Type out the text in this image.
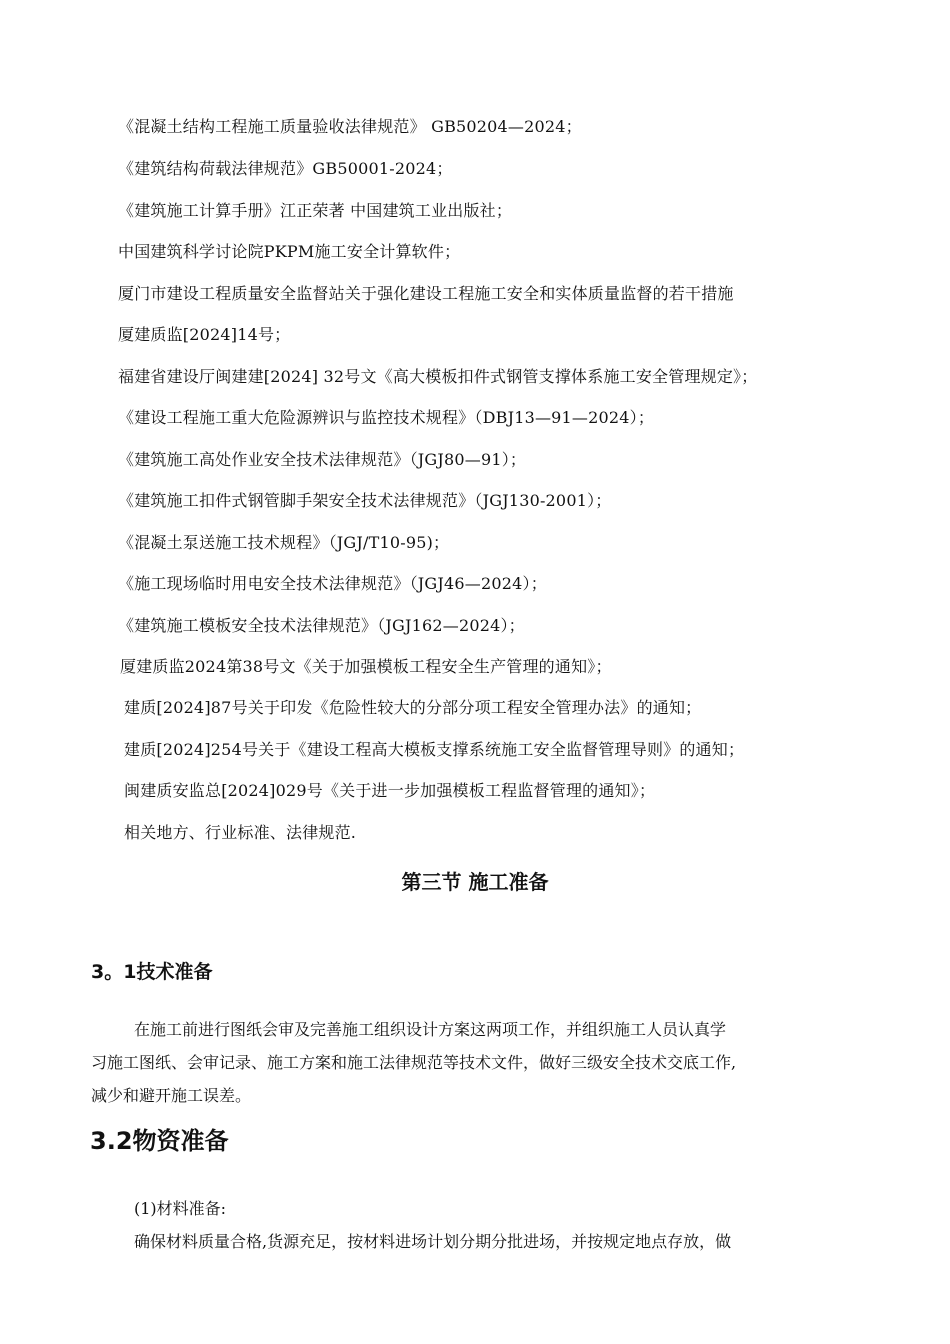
《混凝土结构工程施工质量验收法律规范》 GB50204—2024；
《建筑结构荷载法律规范》GB50001-2024；
《建筑施工计算手册》江正荣著 中国建筑工业出版社；
中国建筑科学讨论院PKPM施工安全计算软件；
厦门市建设工程质量安全监督站关于强化建设工程施工安全和实体质量监督的若干措施
厦建质监[2024]14号；
福建省建设厅闽建建[2024] 32号文《高大模板扣件式钢管支撑体系施工安全管理规定》；
《建设工程施工重大危险源辨识与监控技术规程》（DBJ13—91—2024）；
《建筑施工高处作业安全技术法律规范》（JGJ80—91）；
《建筑施工扣件式钢管脚手架安全技术法律规范》（JGJ130-2001）；
《混凝土泵送施工技术规程》（JGJ/T10-95)；
《施工现场临时用电安全技术法律规范》（JGJ46—2024）；
《建筑施工模板安全技术法律规范》（JGJ162—2024）；
厦建质监2024第38号文《关于加强模板工程安全生产管理的通知》；
建质[2024]87号关于印发《危险性较大的分部分项工程安全管理办法》的通知；
建质[2024]254号关于《建设工程高大模板支撑系统施工安全监督管理导则》的通知；
闽建质安监总[2024]029号《关于进一步加强模板工程监督管理的通知》；
相关地方、行业标准、法律规范.
第三节 施工准备
3。1技术准备
在施工前进行图纸会审及完善施工组织设计方案这两项工作，并组织施工人员认真学
习施工图纸、会审记录、施工方案和施工法律规范等技术文件，做好三级安全技术交底工作,
减少和避开施工误差。
3.2物资准备
(1)材料准备:
确保材料质量合格,货源充足，按材料进场计划分期分批进场，并按规定地点存放，做
